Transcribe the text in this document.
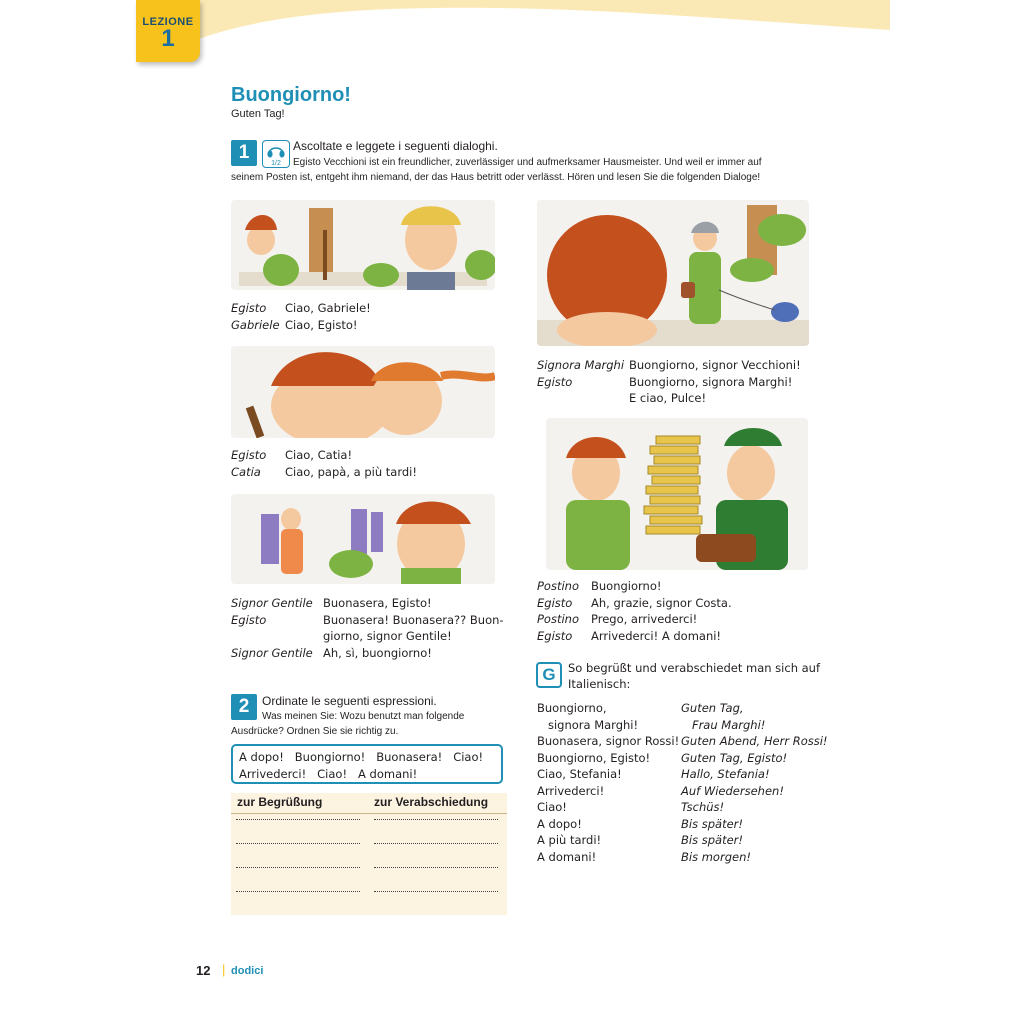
LEZIONE
1
Buongiorno!
Guten Tag!
1
1/2
Ascoltate e leggete i seguenti dialoghi.
Egisto Vecchioni ist ein freundlicher, zuverlässiger und aufmerksamer Hausmeister. Und weil er immer auf
seinem Posten ist, entgeht ihm niemand, der das Haus betritt oder verlässt. Hören und lesen Sie die folgenden Dialoge!
Egisto	Ciao, Gabriele!
Gabriele Ciao, Egisto!
Egisto	Ciao, Catia!
Catia	Ciao, papà, a più tardi!
Signor Gentile Buonasera, Egisto!
Egisto	Buonasera! Buonasera?? Buon-
giorno, signor Gentile!
Signor Gentile Ah, sì, buongiorno!
Signora Marghi Buongiorno, signor Vecchioni!
Egisto	Buongiorno, signora Marghi!
E ciao, Pulce!
Postino	Buongiorno!
Egisto	Ah, grazie, signor Costa.
Postino	Prego, arrivederci!
Egisto	Arrivederci! A domani!
2	Ordinate le seguenti espressioni.
Was meinen Sie: Wozu benutzt man folgende
Ausdrücke? Ordnen Sie sie richtig zu.
A dopo!   Buongiorno!   Buonasera!   Ciao!
Arrivederci!   Ciao!   A domani!
zur Begrüßung	zur Verabschiedung
G	So begrüßt und verabschiedet man sich auf
Italienisch:
Buongiorno,	Guten Tag,
signora Marghi!	Frau Marghi!
Buonasera, signor Rossi! Guten Abend, Herr Rossi!
Buongiorno, Egisto!	Guten Tag, Egisto!
Ciao, Stefania!	Hallo, Stefania!
Arrivederci!	Auf Wiedersehen!
Ciao!	Tschüs!
A dopo!	Bis später!
A più tardi!	Bis später!
A domani!	Bis morgen!
12 | dodici
